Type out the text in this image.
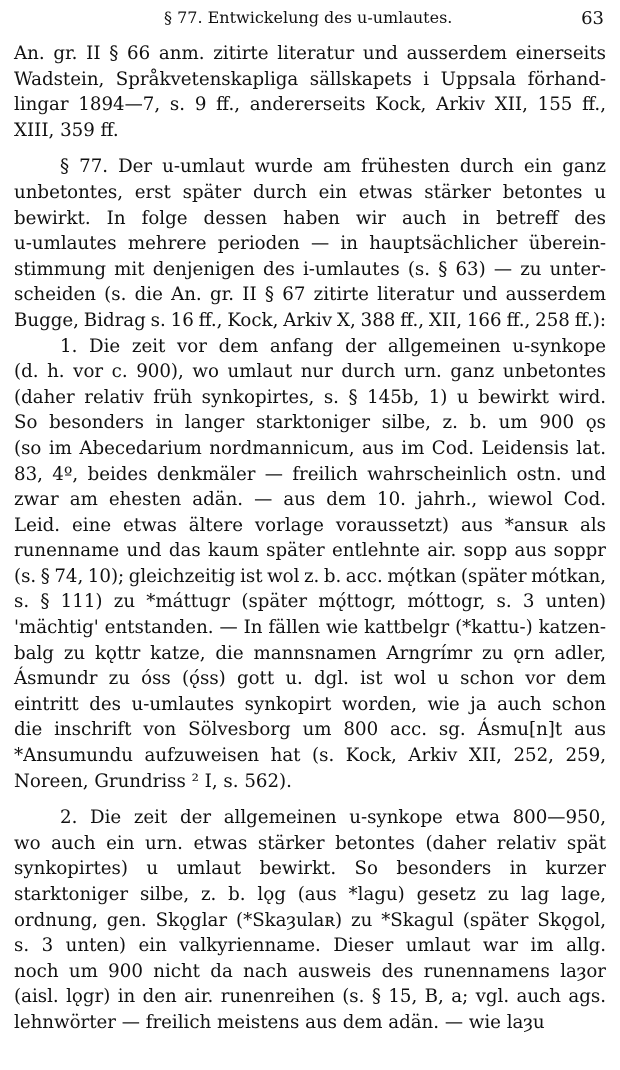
§ 77. Entwickelung des u-umlautes.	63
An. gr. II § 66 anm. zitirte literatur und ausserdem einerseits
Wadstein, Språkvetenskapliga sällskapets i Uppsala förhand-
lingar 1894—7, s. 9 ff., andererseits Kock, Arkiv XII, 155 ff.,
XIII, 359 ff.
§ 77. Der u-umlaut wurde am frühesten durch ein ganz
unbetontes, erst später durch ein etwas stärker betontes u
bewirkt. In folge dessen haben wir auch in betreff des
u-umlautes mehrere perioden — in hauptsächlicher überein-
stimmung mit denjenigen des i-umlautes (s. § 63) — zu unter-
scheiden (s. die An. gr. II § 67 zitirte literatur und ausserdem
Bugge, Bidrag s. 16 ff., Kock, Arkiv X, 388 ff., XII, 166 ff., 258 ff.):
1. Die zeit vor dem anfang der allgemeinen u-synkope
(d. h. vor c. 900), wo umlaut nur durch urn. ganz unbetontes
(daher relativ früh synkopirtes, s. § 145b, 1) u bewirkt wird.
So besonders in langer starktoniger silbe, z. b. um 900 ǫs
(so im Abecedarium nordmannicum, aus im Cod. Leidensis lat.
83, 4º, beides denkmäler — freilich wahrscheinlich ostn. und
zwar am ehesten adän. — aus dem 10. jahrh., wiewol Cod.
Leid. eine etwas ältere vorlage voraussetzt) aus *ansuʀ als
runenname und das kaum später entlehnte air. sopp aus soppr
(s. § 74, 10); gleichzeitig ist wol z. b. acc. mǫ́tkan (später mótkan,
s. § 111) zu *máttugr (später mǫ́ttogr, móttogr, s. 3 unten)
'mächtig' entstanden. — In fällen wie kattbelgr (*kattu-) katzen-
balg zu kǫttr katze, die mannsnamen Arngrímr zu ǫrn adler,
Ásmundr zu óss (ǫ́ss) gott u. dgl. ist wol u schon vor dem
eintritt des u-umlautes synkopirt worden, wie ja auch schon
die inschrift von Sölvesborg um 800 acc. sg. Ásmu[n]t aus
*Ansumundu aufzuweisen hat (s. Kock, Arkiv XII, 252, 259,
Noreen, Grundriss ² I, s. 562).
2. Die zeit der allgemeinen u-synkope etwa 800—950,
wo auch ein urn. etwas stärker betontes (daher relativ spät
synkopirtes) u umlaut bewirkt. So besonders in kurzer
starktoniger silbe, z. b. lǫg (aus *lagu) gesetz zu lag lage,
ordnung, gen. Skǫglar (*Skaȝulaʀ) zu *Skagul (später Skǫgol,
s. 3 unten) ein valkyrienname. Dieser umlaut war im allg.
noch um 900 nicht da nach ausweis des runennamens laȝor
(aisl. lǫgr) in den air. runenreihen (s. § 15, B, a; vgl. auch ags.
lehnwörter — freilich meistens aus dem adän. — wie laȝu
